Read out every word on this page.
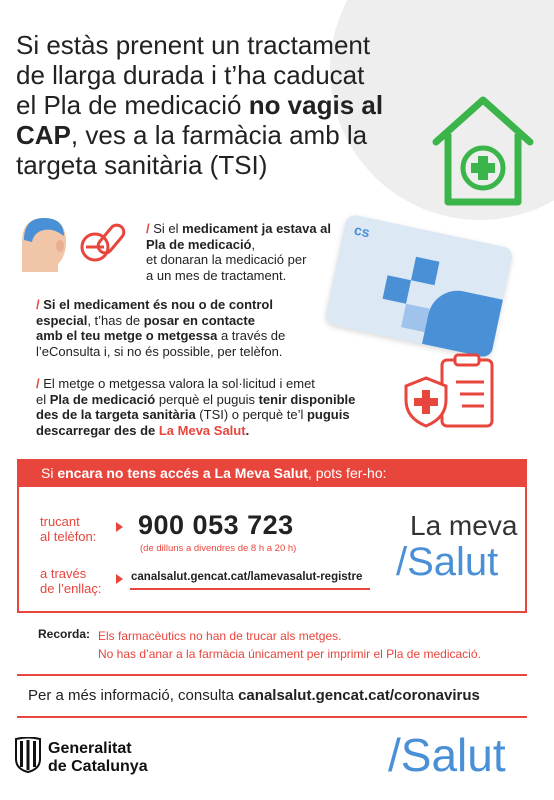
Si estàs prenent un tractament
de llarga durada i t’ha caducat
el Pla de medicació no vagis al
CAP, ves a la farmàcia amb la
targeta sanitària (TSI)
/ Si el medicament ja estava al
Pla de medicació,
et donaran la medicació per
a un mes de tractament.
cs
/ Si el medicament és nou o de control
especial, t’has de posar en contacte
amb el teu metge o metgessa a través de
l’eConsulta i, si no és possible, per telèfon.
/ El metge o metgessa valora la sol·licitud i emet
el Pla de medicació perquè el puguis tenir disponible
des de la targeta sanitària (TSI) o perquè te’l puguis
descarregar des de La Meva Salut.
Si encara no tens accés a La Meva Salut, pots fer-ho:
trucant
al telèfon: 900 053 723
(de dilluns a divendres de 8 h a 20 h)
a través
de l’enllaç:
canalsalut.gencat.cat/lamevasalut-registre
La meva
/Salut
Recorda: Els farmacèutics no han de trucar als metges.
No has d’anar a la farmàcia únicament per imprimir el Pla de medicació.
Per a més informació, consulta canalsalut.gencat.cat/coronavirus
Generalitat
de Catalunya	/Salut
